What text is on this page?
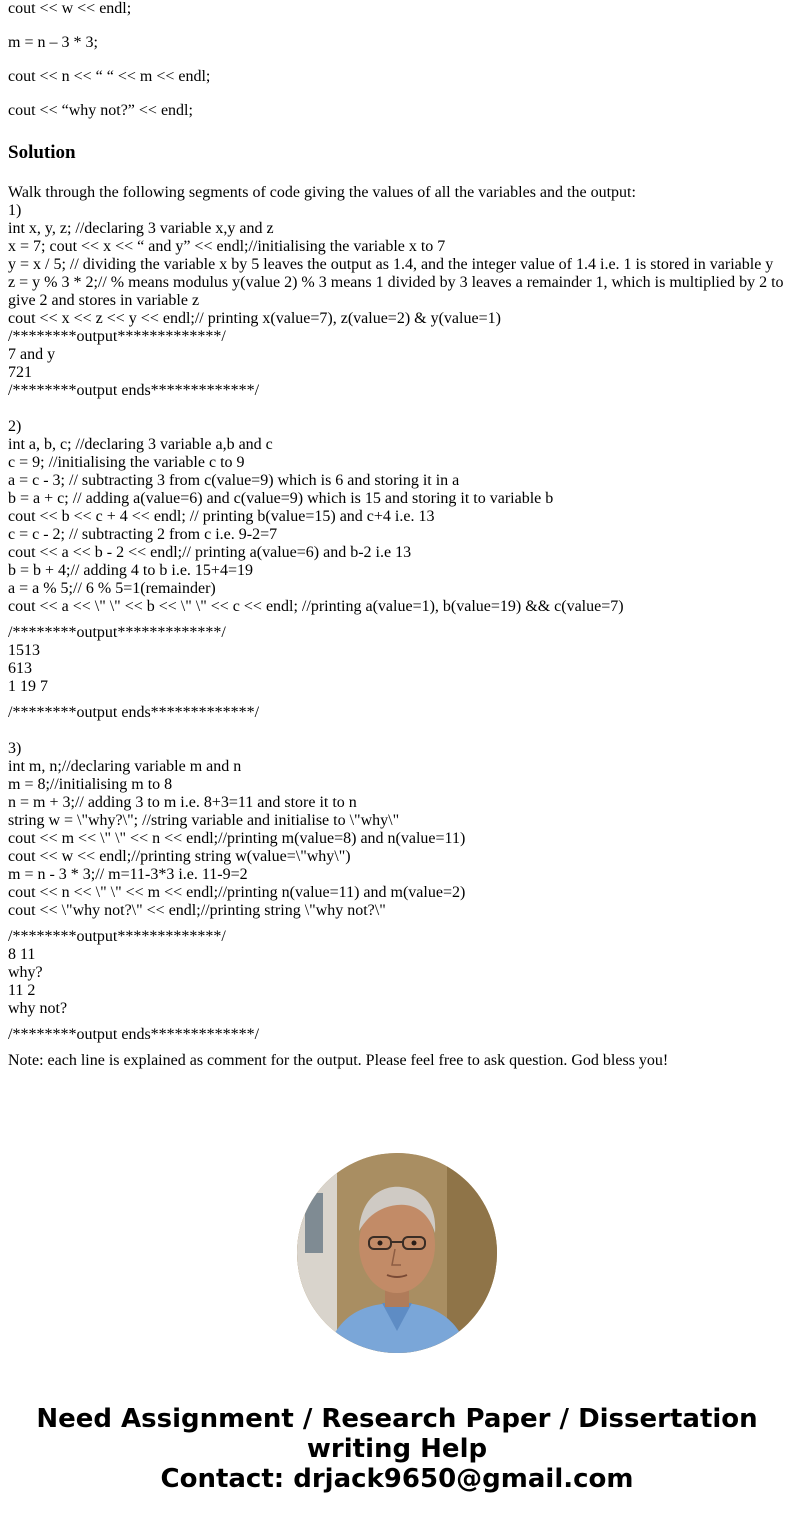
cout << w << endl;

m = n – 3 * 3;

cout << n << “ “ << m << endl;

cout << “why not?” << endl;

Solution
Walk through the following segments of code giving the values of all the variables and the output:
1)
int x, y, z; //declaring 3 variable x,y and z
x = 7; cout << x << “ and y” << endl;//initialising the variable x to 7
y = x / 5; // dividing the variable x by 5 leaves the output as 1.4, and the integer value of 1.4 i.e. 1 is stored in variable y
z = y % 3 * 2;// % means modulus y(value 2) % 3 means 1 divided by 3 leaves a remainder 1, which is multiplied by 2 to give 2 and stores in variable z
cout << x << z << y << endl;// printing x(value=7), z(value=2) & y(value=1)
/********output*************/
7 and y
721
/********output ends*************/
2)
int a, b, c; //declaring 3 variable a,b and c
c = 9; //initialising the variable c to 9
a = c - 3; // subtracting 3 from c(value=9) which is 6 and storing it in a
b = a + c; // adding a(value=6) and c(value=9) which is 15 and storing it to variable b
cout << b << c + 4 << endl; // printing b(value=15) and c+4 i.e. 13
c = c - 2; // subtracting 2 from c i.e. 9-2=7
cout << a << b - 2 << endl;// printing a(value=6) and b-2 i.e 13
b = b + 4;// adding 4 to b i.e. 15+4=19
a = a % 5;// 6 % 5=1(remainder)
cout << a << \" \" << b << \" \" << c << endl; //printing a(value=1), b(value=19) && c(value=7)
/********output*************/
1513
613
1 19 7
/********output ends*************/
3)
int m, n;//declaring variable m and n
m = 8;//initialising m to 8
n = m + 3;// adding 3 to m i.e. 8+3=11 and store it to n
string w = \"why?\"; //string variable and initialise to \"why\"
cout << m << \" \" << n << endl;//printing m(value=8) and n(value=11)
cout << w << endl;//printing string w(value=\"why\")
m = n - 3 * 3;// m=11-3*3 i.e. 11-9=2
cout << n << \" \" << m << endl;//printing n(value=11) and m(value=2)
cout << \"why not?\" << endl;//printing string \"why not?\"
/********output*************/
8 11
why?
11 2
why not?
/********output ends*************/

Note: each line is explained as comment for the output. Please feel free to ask question. God bless you!

Need Assignment / Research Paper / Dissertation
writing Help
Contact: drjack9650@gmail.com
